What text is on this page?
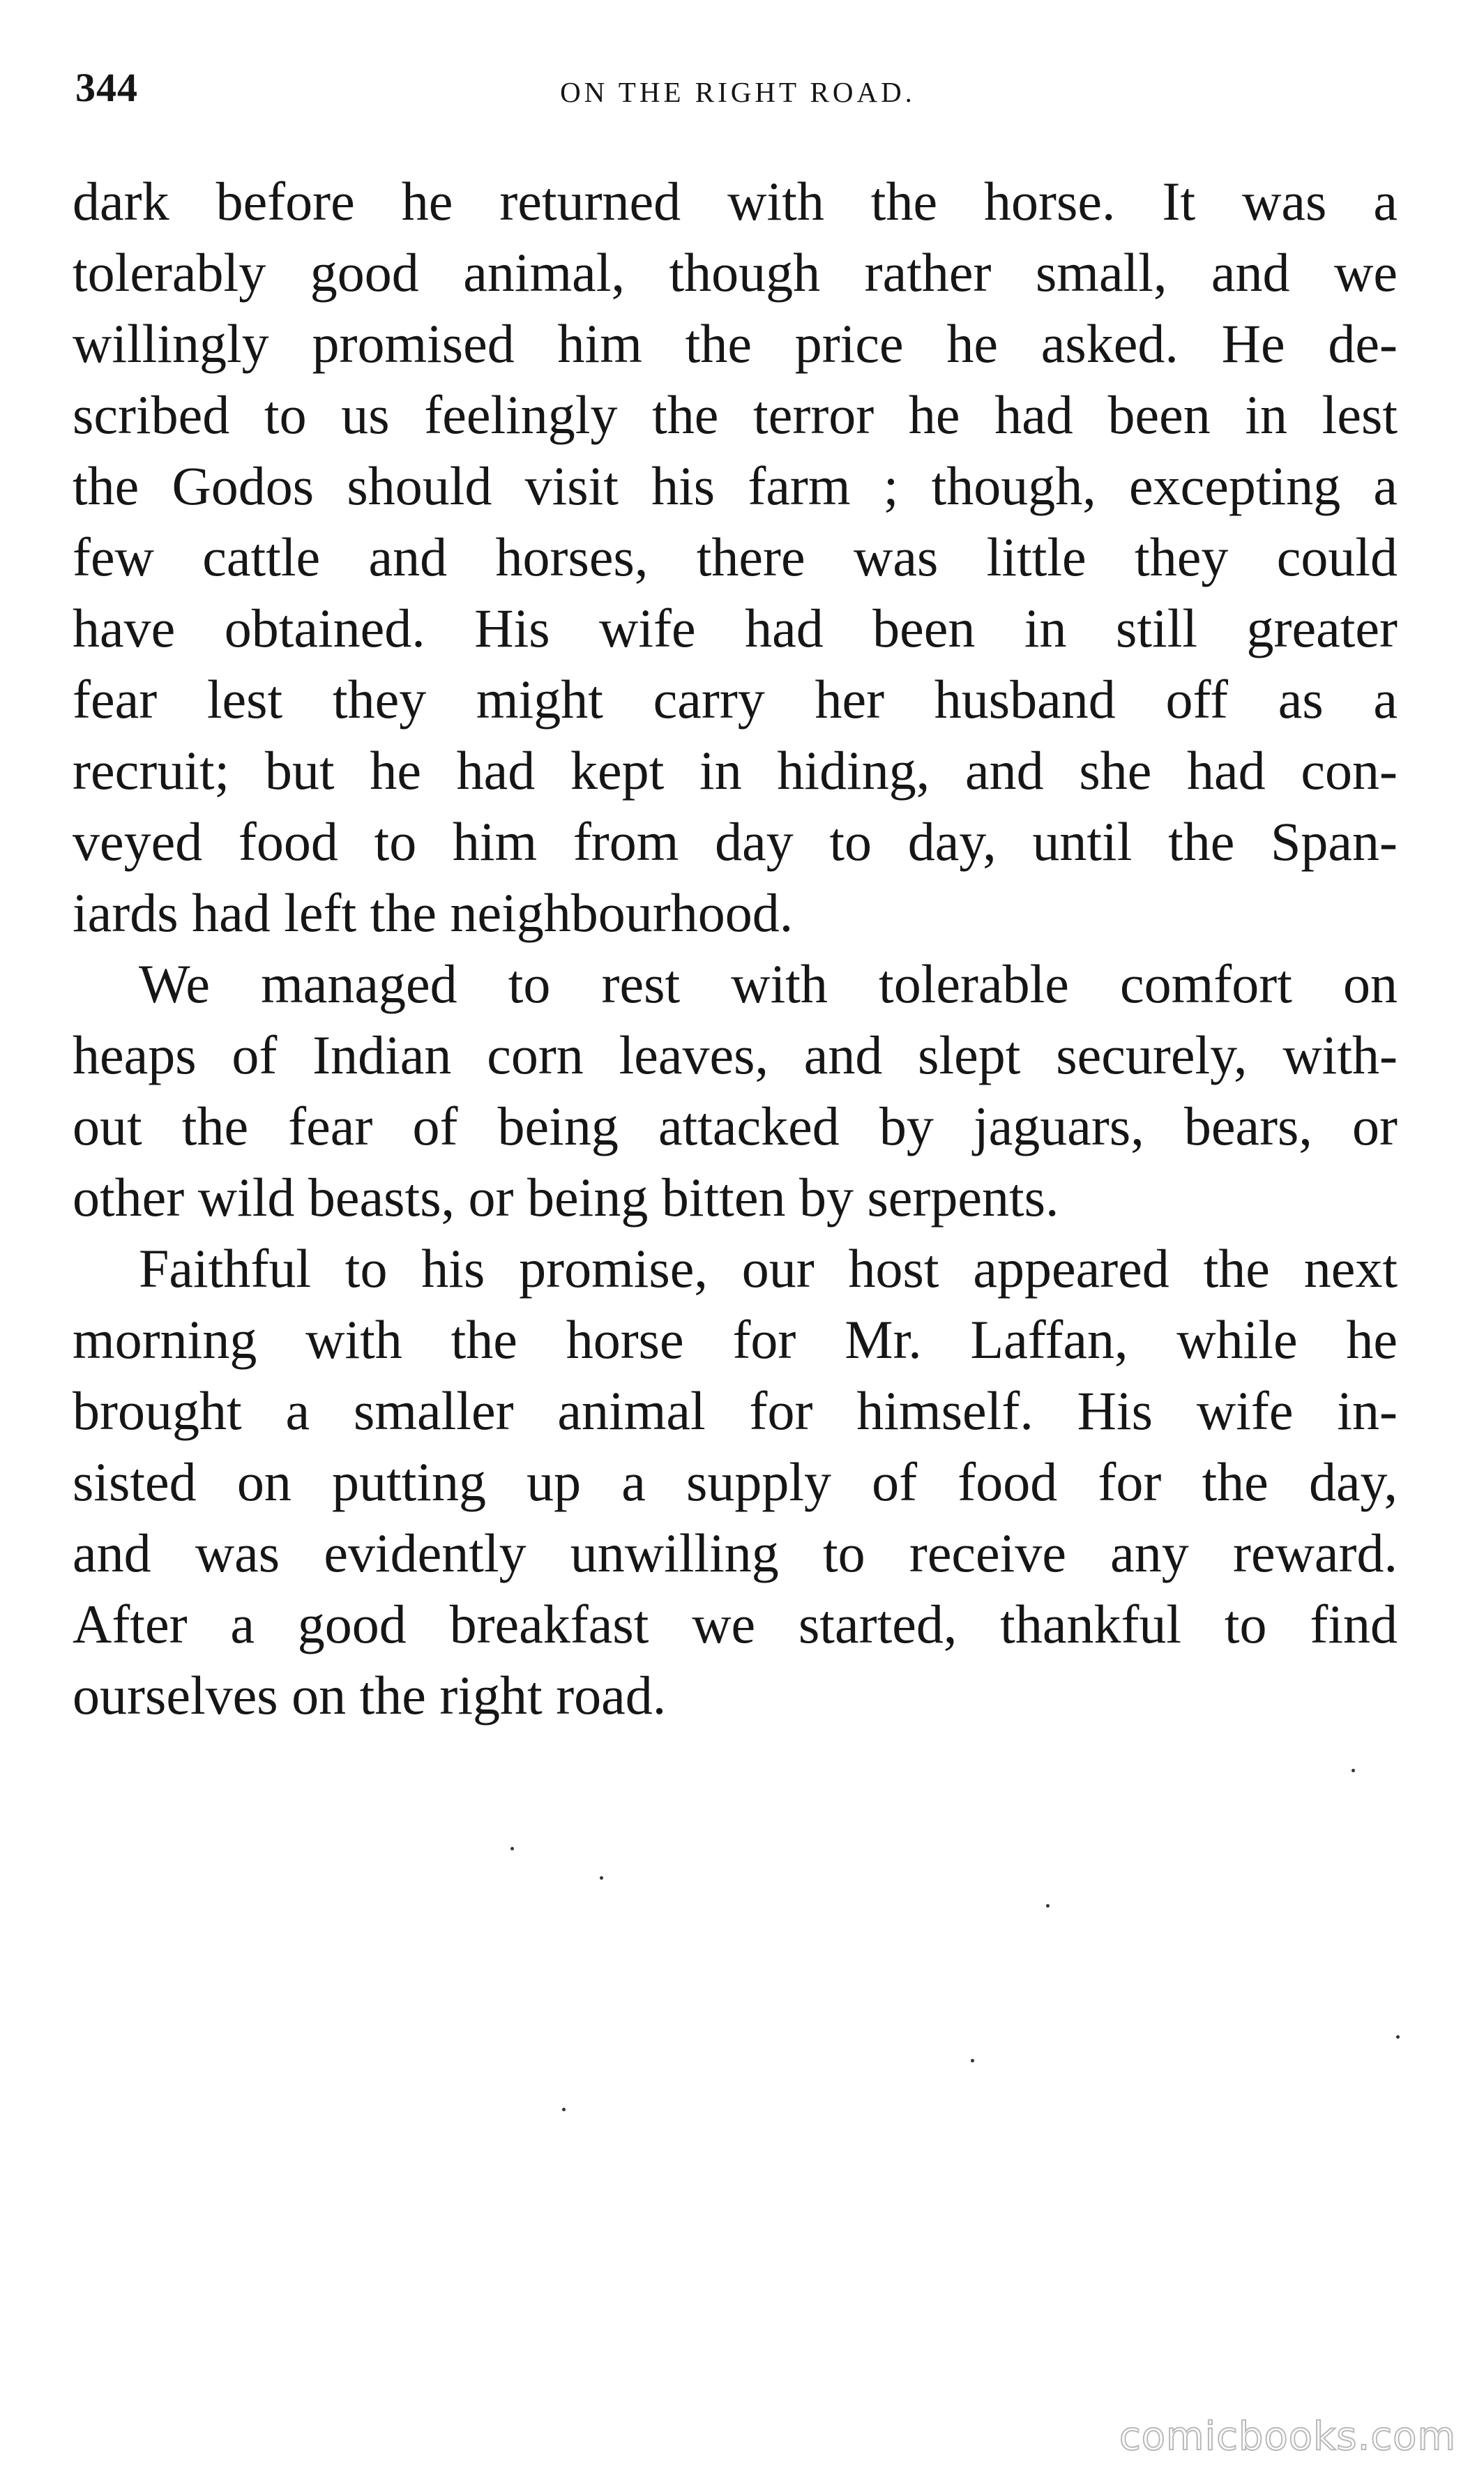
344	ON THE RIGHT ROAD.
dark before he returned with the horse. It was a
tolerably good animal, though rather small, and we
willingly promised him the price he asked. He de-
scribed to us feelingly the terror he had been in lest
the Godos should visit his farm ; though, excepting a
few cattle and horses, there was little they could
have obtained. His wife had been in still greater
fear lest they might carry her husband off as a
recruit; but he had kept in hiding, and she had con-
veyed food to him from day to day, until the Span-
iards had left the neighbourhood.
We managed to rest with tolerable comfort on
heaps of Indian corn leaves, and slept securely, with-
out the fear of being attacked by jaguars, bears, or
other wild beasts, or being bitten by serpents.
Faithful to his promise, our host appeared the next
morning with the horse for Mr. Laffan, while he
brought a smaller animal for himself. His wife in-
sisted on putting up a supply of food for the day,
and was evidently unwilling to receive any reward.
After a good breakfast we started, thankful to find
ourselves on the right road.
comicbooks.com
